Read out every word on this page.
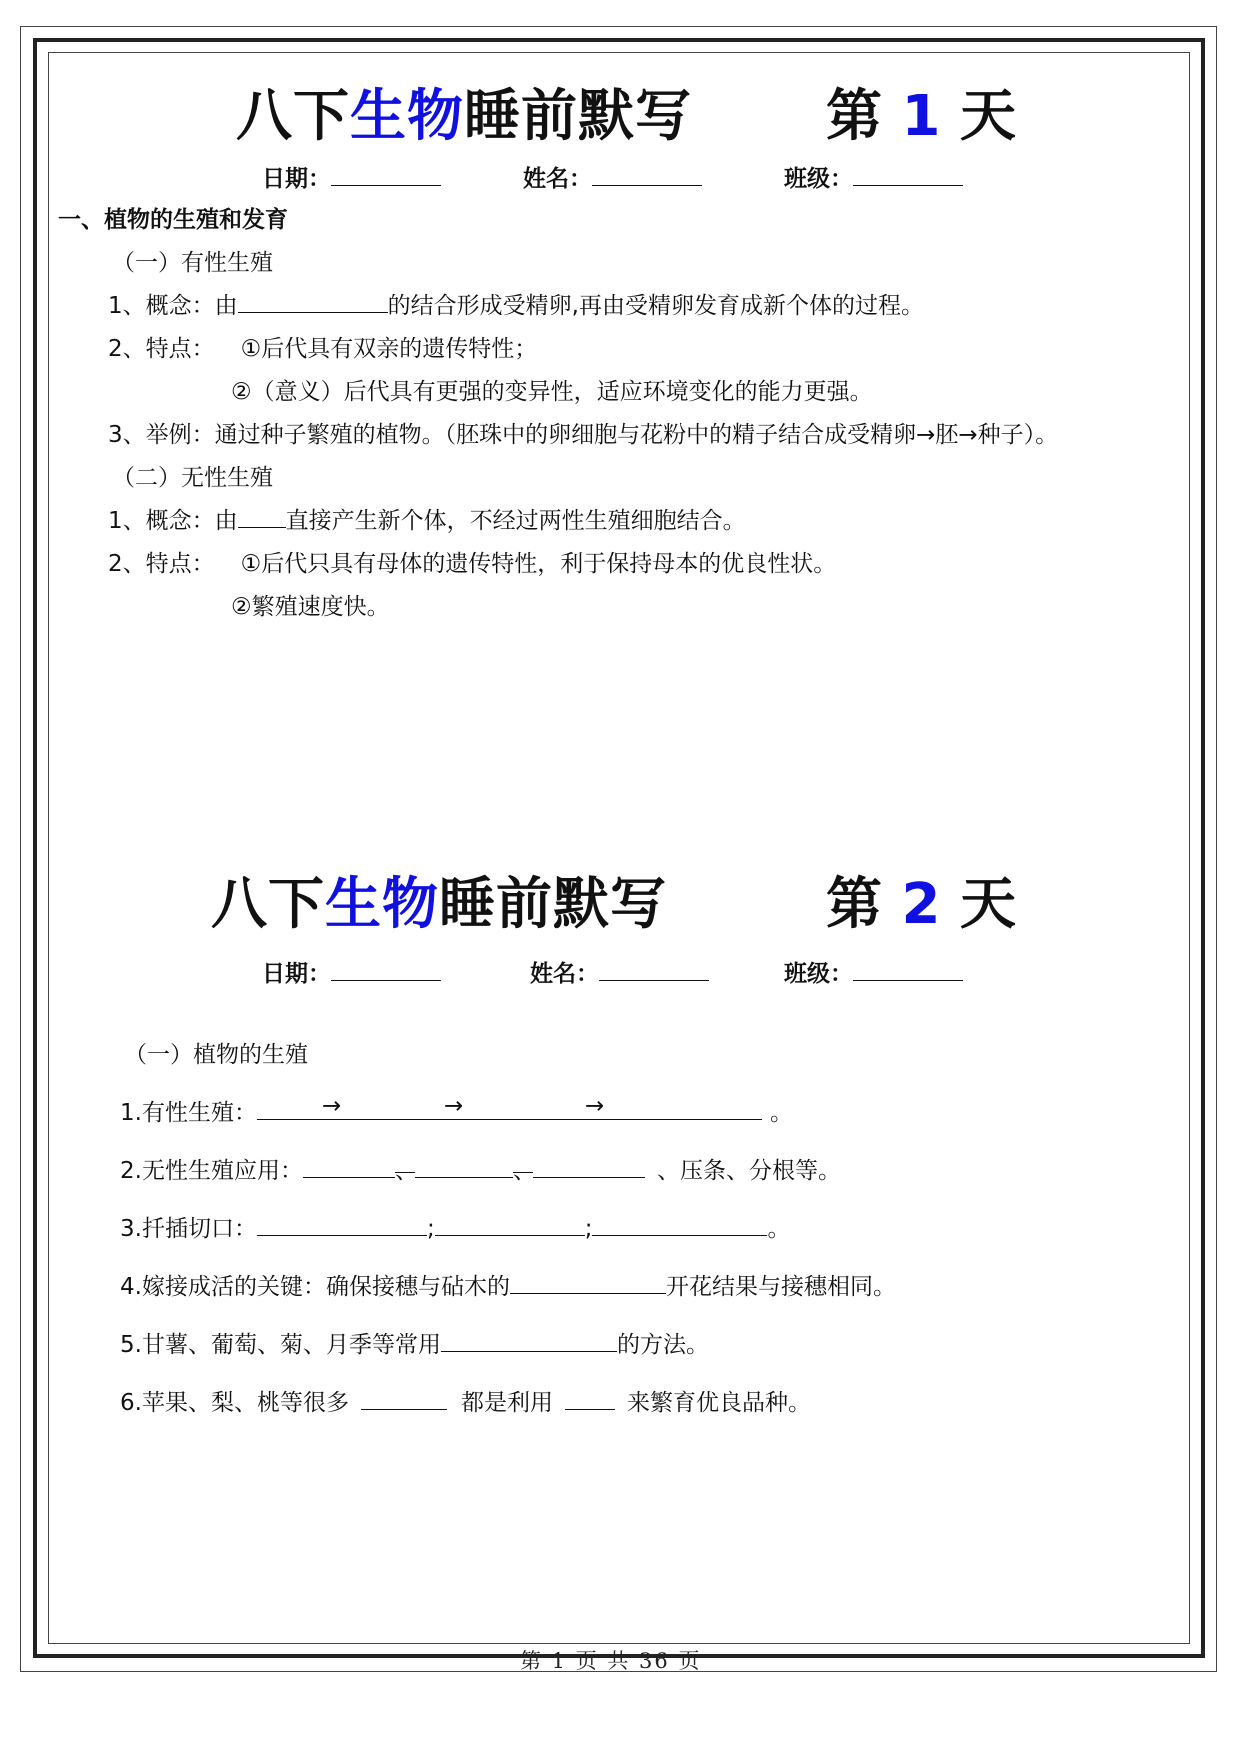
八下生物睡前默写 第 1 天
日期：	姓名：	班级：
一、植物的生殖和发育
（一）有性生殖
1、概念：由	的结合形成受精卵,再由受精卵发育成新个体的过程。
2、特点： ①后代具有双亲的遗传特性；
②（意义）后代具有更强的变异性，适应环境变化的能力更强。
3、举例：通过种子繁殖的植物。（胚珠中的卵细胞与花粉中的精子结合成受精卵→胚→种子）。
（二）无性生殖
1、概念：由 直接产生新个体，不经过两性生殖细胞结合。
2、特点： ①后代只具有母体的遗传特性，利于保持母本的优良性状。
②繁殖速度快。
八下生物睡前默写	第 2 天
日期：	姓名：	班级：
（一）植物的生殖
1.有性生殖：	→	→	→	。
2.无性生殖应用：	、	、	、压条、分根等。
3.扦插切口：	;	;	。
4.嫁接成活的关键：确保接穗与砧木的	开花结果与接穗相同。
5.甘薯、葡萄、菊、月季等常用	的方法。
6.苹果、梨、桃等很多	都是利用	来繁育优良品种。
第 1 页 共 36 页
